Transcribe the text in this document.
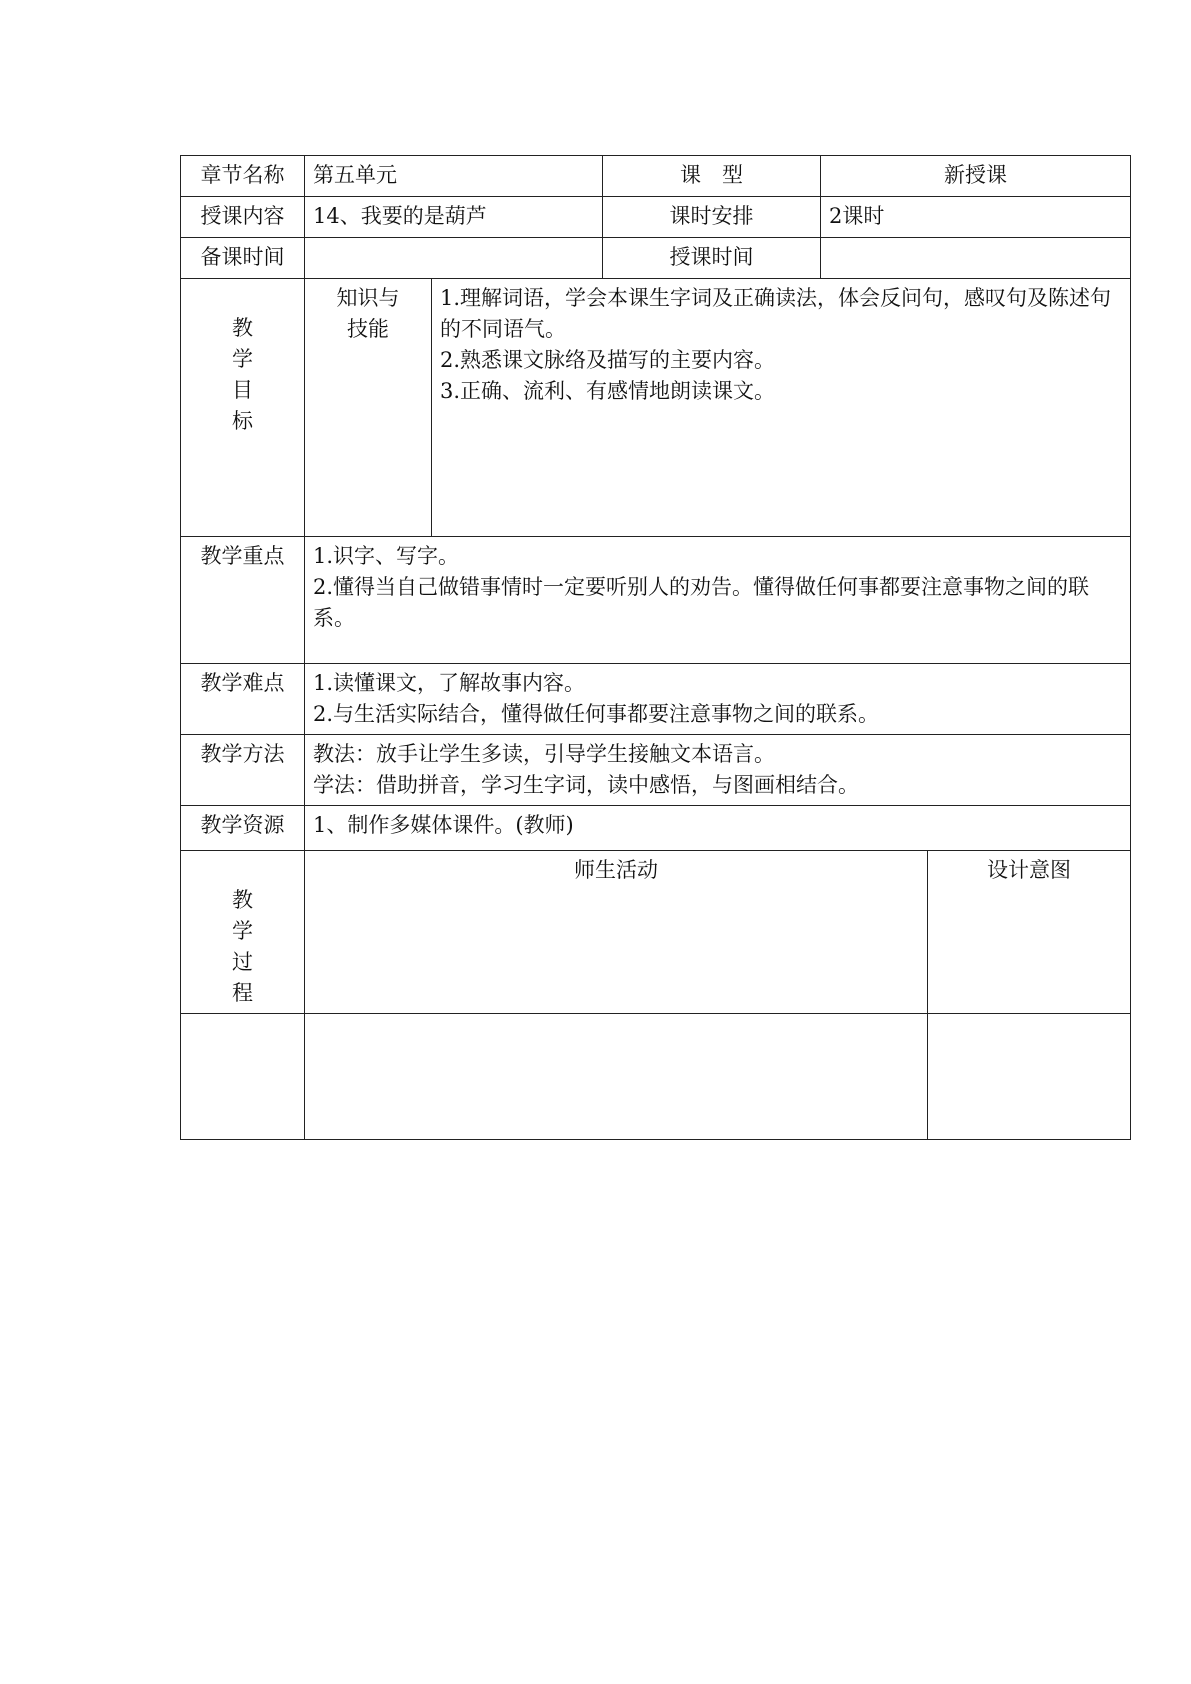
章节名称	第五单元		课　型	新授课	
授课内容	14、我要的是葫芦		课时安排	2课时	
备课时间			授课时间		

教学目标	知识与技能	1.理解词语，学会本课生字词及正确读法，体会反问句，感叹句及陈述句的不同语气。
2.熟悉课文脉络及描写的主要内容。
3.正确、流利、有感情地朗读课文。			

教学重点	1.识字、写字。
2.懂得当自己做错事情时一定要听别人的劝告。懂得做任何事都要注意事物之间的联系。				

教学难点	1.读懂课文，了解故事内容。
2.与生活实际结合，懂得做任何事都要注意事物之间的联系。				

教学方法	教法：放手让学生多读，引导学生接触文本语言。
学法：借助拼音，学习生字词，读中感悟，与图画相结合。				

教学资源	1、制作多媒体课件。(教师)				

教学过程	师生活动				设计意图
